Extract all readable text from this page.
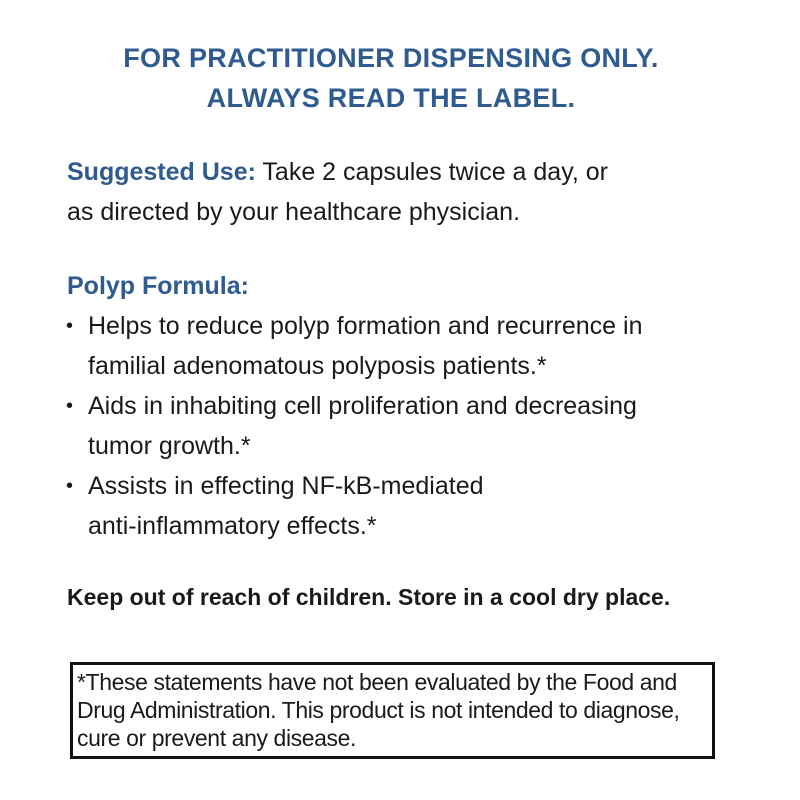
FOR PRACTITIONER DISPENSING ONLY.
ALWAYS READ THE LABEL.
Suggested Use: Take 2 capsules twice a day, or
as directed by your healthcare physician.
Polyp Formula:
• Helps to reduce polyp formation and recurrence in
familial adenomatous polyposis patients.*
• Aids in inhabiting cell proliferation and decreasing
tumor growth.*
• Assists in effecting NF-kB-mediated
anti-inflammatory effects.*
Keep out of reach of children. Store in a cool dry place.
*These statements have not been evaluated by the Food and
Drug Administration. This product is not intended to diagnose,
cure or prevent any disease.
